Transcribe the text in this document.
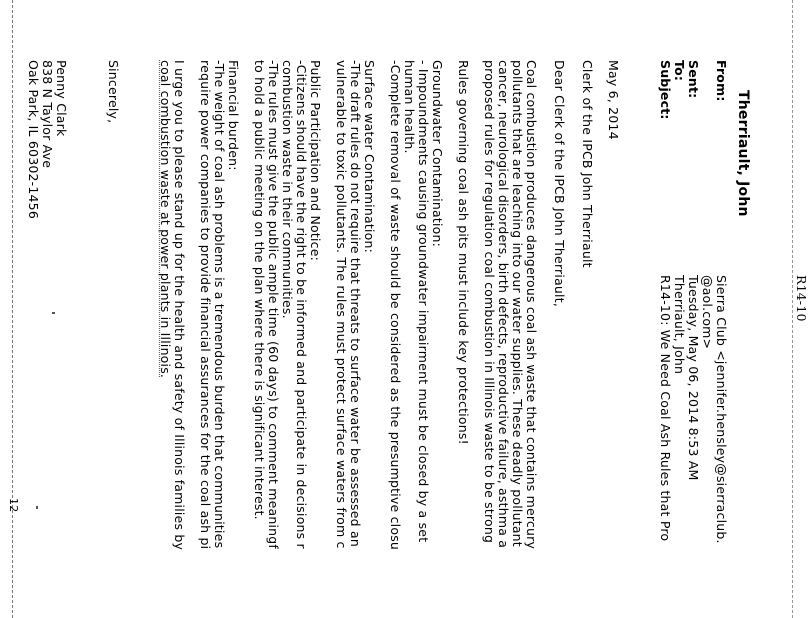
R14-10
Therriault, John
From:
Sierra Club <jennifer.hensley@sierraclub.
@aol.com>
Sent:
Tuesday, May 06, 2014 8:53 AM
To:
Therriault, John
Subject:
R14-10: We Need Coal Ash Rules that Pro
May 6, 2014
Clerk of the IPCB John Therriault
Dear Clerk of the IPCB John Therriault,
Coal combustion produces dangerous coal ash waste that contains mercury
pollutants that are leaching into our water supplies. These deadly pollutant
cancer, neurological disorders, birth defects, reproductive failure, asthma a
proposed rules for regulation coal combustion in Illinois waste to be strong
Rules governing coal ash pits must include key protections!
Groundwater Contamination:
- Impoundments causing groundwater impairment must be closed by a set
human health.
-Complete removal of waste should be considered as the presumptive closu
Surface water Contamination:
-The draft rules do not require that threats to surface water be assessed an
vulnerable to toxic pollutants. The rules must protect surface waters from c
Public Participation and Notice:
-Citizens should have the right to be informed and participate in decisions r
combustion waste in their communities.
-The rules must give the public ample time (60 days) to comment meaningf
to hold a public meeting on the plan where there is significant interest.
Financial burden:
-The weight of coal ash problems is a tremendous burden that communities
require power companies to provide financial assurances for the coal ash pi
I urge you to please stand up for the health and safety of Illinois families by
coal combustion waste at power plants in Illinois.
Sincerely,
Penny Clark
838 N Taylor Ave
Oak Park, IL 60302-1456
12
